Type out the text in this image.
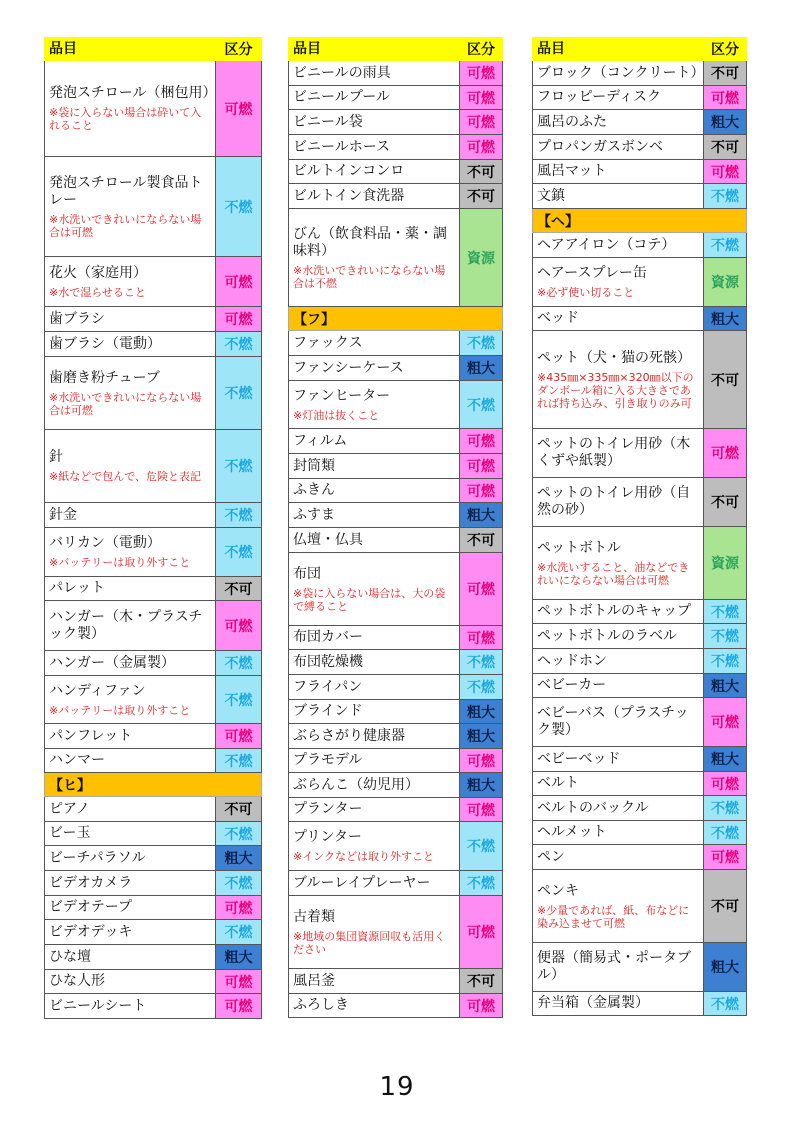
品目	区分
発泡スチロール（梱包用）
※袋に入らない場合は砕いて入れること	可燃
発泡スチロール製食品トレー
※水洗いできれいにならない場合は可燃	不燃
花火（家庭用）
※水で湿らせること	可燃
歯ブラシ	可燃
歯ブラシ（電動）	不燃
歯磨き粉チューブ
※水洗いできれいにならない場合は可燃	不燃
針
※紙などで包んで、危険と表記	不燃
針金	不燃
バリカン（電動）
※バッテリーは取り外すこと	不燃
パレット	不可
ハンガー（木・プラスチック製）	可燃
ハンガー（金属製）	不燃
ハンディファン
※バッテリーは取り外すこと	不燃
パンフレット	可燃
ハンマー	不燃
【ヒ】	
ピアノ	不可
ビー玉	不燃
ビーチパラソル	粗大
ビデオカメラ	不燃
ビデオテープ	可燃
ビデオデッキ	不燃
ひな壇	粗大
ひな人形	可燃
ビニールシート	可燃
品目	区分
ビニールの雨具	可燃
ビニールプール	可燃
ビニール袋	可燃
ビニールホース	可燃
ビルトインコンロ	不可
ビルトイン食洗器	不可
びん（飲食料品・薬・調味料）
※水洗いできれいにならない場合は不燃	資源
【フ】	
ファックス	不燃
ファンシーケース	粗大
ファンヒーター
※灯油は抜くこと	不燃
フィルム	可燃
封筒類	可燃
ふきん	可燃
ふすま	粗大
仏壇・仏具	不可
布団
※袋に入らない場合は、大の袋で縛ること	可燃
布団カバー	可燃
布団乾燥機	不燃
フライパン	不燃
ブラインド	粗大
ぶらさがり健康器	粗大
プラモデル	可燃
ぶらんこ（幼児用）	粗大
プランター	可燃
プリンター
※インクなどは取り外すこと	不燃
ブルーレイプレーヤー	不燃
古着類
※地域の集団資源回収も活用ください	可燃
風呂釜	不可
ふろしき	可燃
品目	区分
ブロック（コンクリート）	不可
フロッピーディスク	可燃
風呂のふた	粗大
プロパンガスボンベ	不可
風呂マット	可燃
文鎮	不燃
【ヘ】	
ヘアアイロン（コテ）	不燃
ヘアースプレー缶
※必ず使い切ること	資源
ベッド	粗大
ペット（犬・猫の死骸）
※435㎜×335㎜×320㎜以下のダンボール箱に入る大きさであれば持ち込み、引き取りのみ可	不可
ペットのトイレ用砂（木くずや紙製）	可燃
ペットのトイレ用砂（自然の砂）	不可
ペットボトル
※水洗いすること、油などできれいにならない場合は可燃	資源
ペットボトルのキャップ	不燃
ペットボトルのラベル	不燃
ヘッドホン	不燃
ベビーカー	粗大
ベビーバス（プラスチック製）	可燃
ベビーベッド	粗大
ベルト	可燃
ベルトのバックル	不燃
ヘルメット	不燃
ペン	可燃
ペンキ
※少量であれば、紙、布などに染み込ませて可燃	不可
便器（簡易式・ポータブル）	粗大
弁当箱（金属製）	不燃
19
